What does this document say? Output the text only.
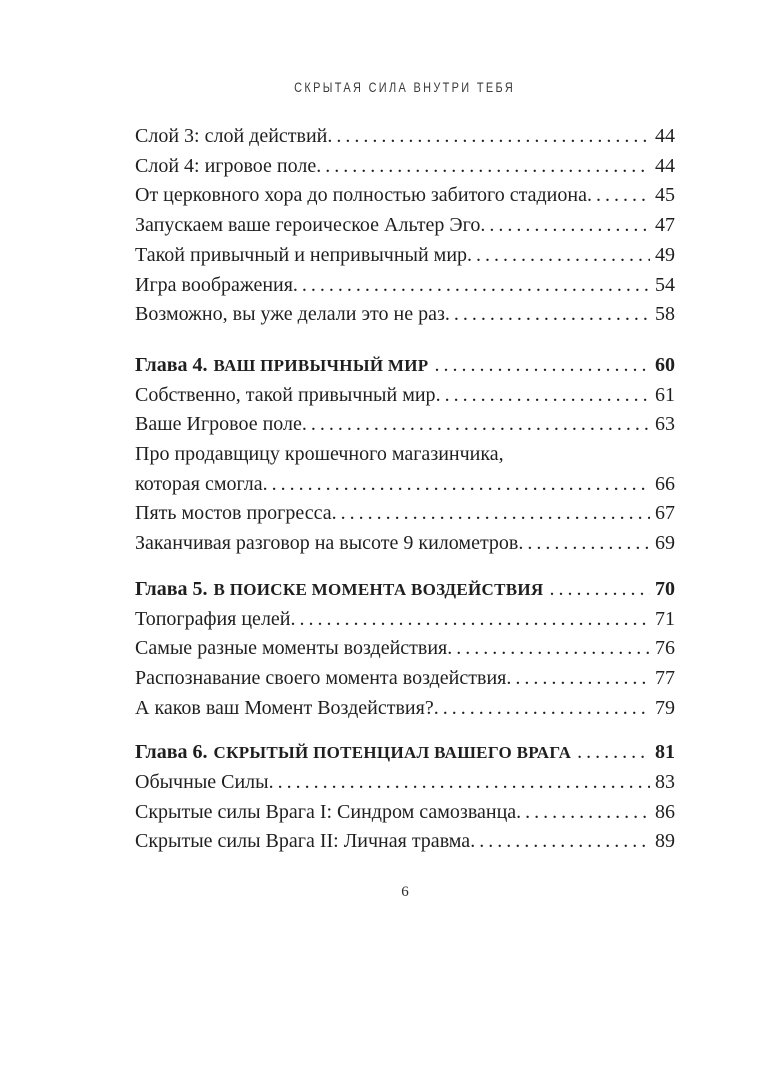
СКРЫТАЯ СИЛА ВНУТРИ ТЕБЯ
Слой 3: слой действий . . .	44
Слой 4: игровое поле . . .	44
От церковного хора до полностью забитого стадиона . . .	45
Запускаем ваше героическое Альтер Эго . . .	47
Такой привычный и непривычный мир . . .	49
Игра воображения . . .	54
Возможно, вы уже делали это не раз . . .	58
Глава 4. ВАШ ПРИВЫЧНЫЙ МИР . . .	60
Собственно, такой привычный мир . . .	61
Ваше Игровое поле . . .	63
Про продавщицу крошечного магазинчика,
которая смогла . . .	66
Пять мостов прогресса . . .	67
Заканчивая разговор на высоте 9 километров . . .	69
Глава 5. В ПОИСКЕ МОМЕНТА ВОЗДЕЙСТВИЯ . . .	70
Топография целей . . .	71
Самые разные моменты воздействия . . .	76
Распознавание своего момента воздействия . . .	77
А каков ваш Момент Воздействия? . . .	79
Глава 6. СКРЫТЫЙ ПОТЕНЦИАЛ ВАШЕГО ВРАГА . . .	81
Обычные Силы . . .	83
Скрытые силы Врага I: Синдром самозванца . . .	86
Скрытые силы Врага II: Личная травма . . .	89
6
